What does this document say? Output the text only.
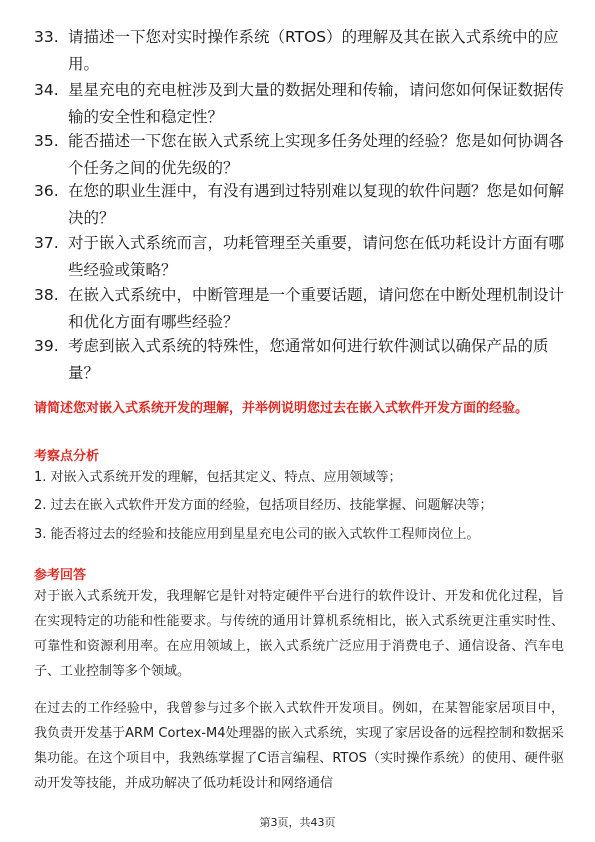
33. 请描述一下您对实时操作系统（RTOS）的理解及其在嵌入式系统中的应用。
34. 星星充电的充电桩涉及到大量的数据处理和传输，请问您如何保证数据传输的安全性和稳定性？
35. 能否描述一下您在嵌入式系统上实现多任务处理的经验？您是如何协调各个任务之间的优先级的？
36. 在您的职业生涯中，有没有遇到过特别难以复现的软件问题？您是如何解决的？
37. 对于嵌入式系统而言，功耗管理至关重要，请问您在低功耗设计方面有哪些经验或策略？
38. 在嵌入式系统中，中断管理是一个重要话题，请问您在中断处理机制设计和优化方面有哪些经验？
39. 考虑到嵌入式系统的特殊性，您通常如何进行软件测试以确保产品的质量？
请简述您对嵌入式系统开发的理解，并举例说明您过去在嵌入式软件开发方面的经验。
考察点分析
1. 对嵌入式系统开发的理解，包括其定义、特点、应用领域等；
2. 过去在嵌入式软件开发方面的经验，包括项目经历、技能掌握、问题解决等；
3. 能否将过去的经验和技能应用到星星充电公司的嵌入式软件工程师岗位上。
参考回答
对于嵌入式系统开发，我理解它是针对特定硬件平台进行的软件设计、开发和优化过程，旨在实现特定的功能和性能要求。与传统的通用计算机系统相比，嵌入式系统更注重实时性、可靠性和资源利用率。在应用领域上，嵌入式系统广泛应用于消费电子、通信设备、汽车电子、工业控制等多个领域。
在过去的工作经验中，我曾参与过多个嵌入式软件开发项目。例如，在某智能家居项目中，我负责开发基于ARM Cortex-M4处理器的嵌入式系统，实现了家居设备的远程控制和数据采集功能。在这个项目中，我熟练掌握了C语言编程、RTOS（实时操作系统）的使用、硬件驱动开发等技能，并成功解决了低功耗设计和网络通信
第3页，共43页
